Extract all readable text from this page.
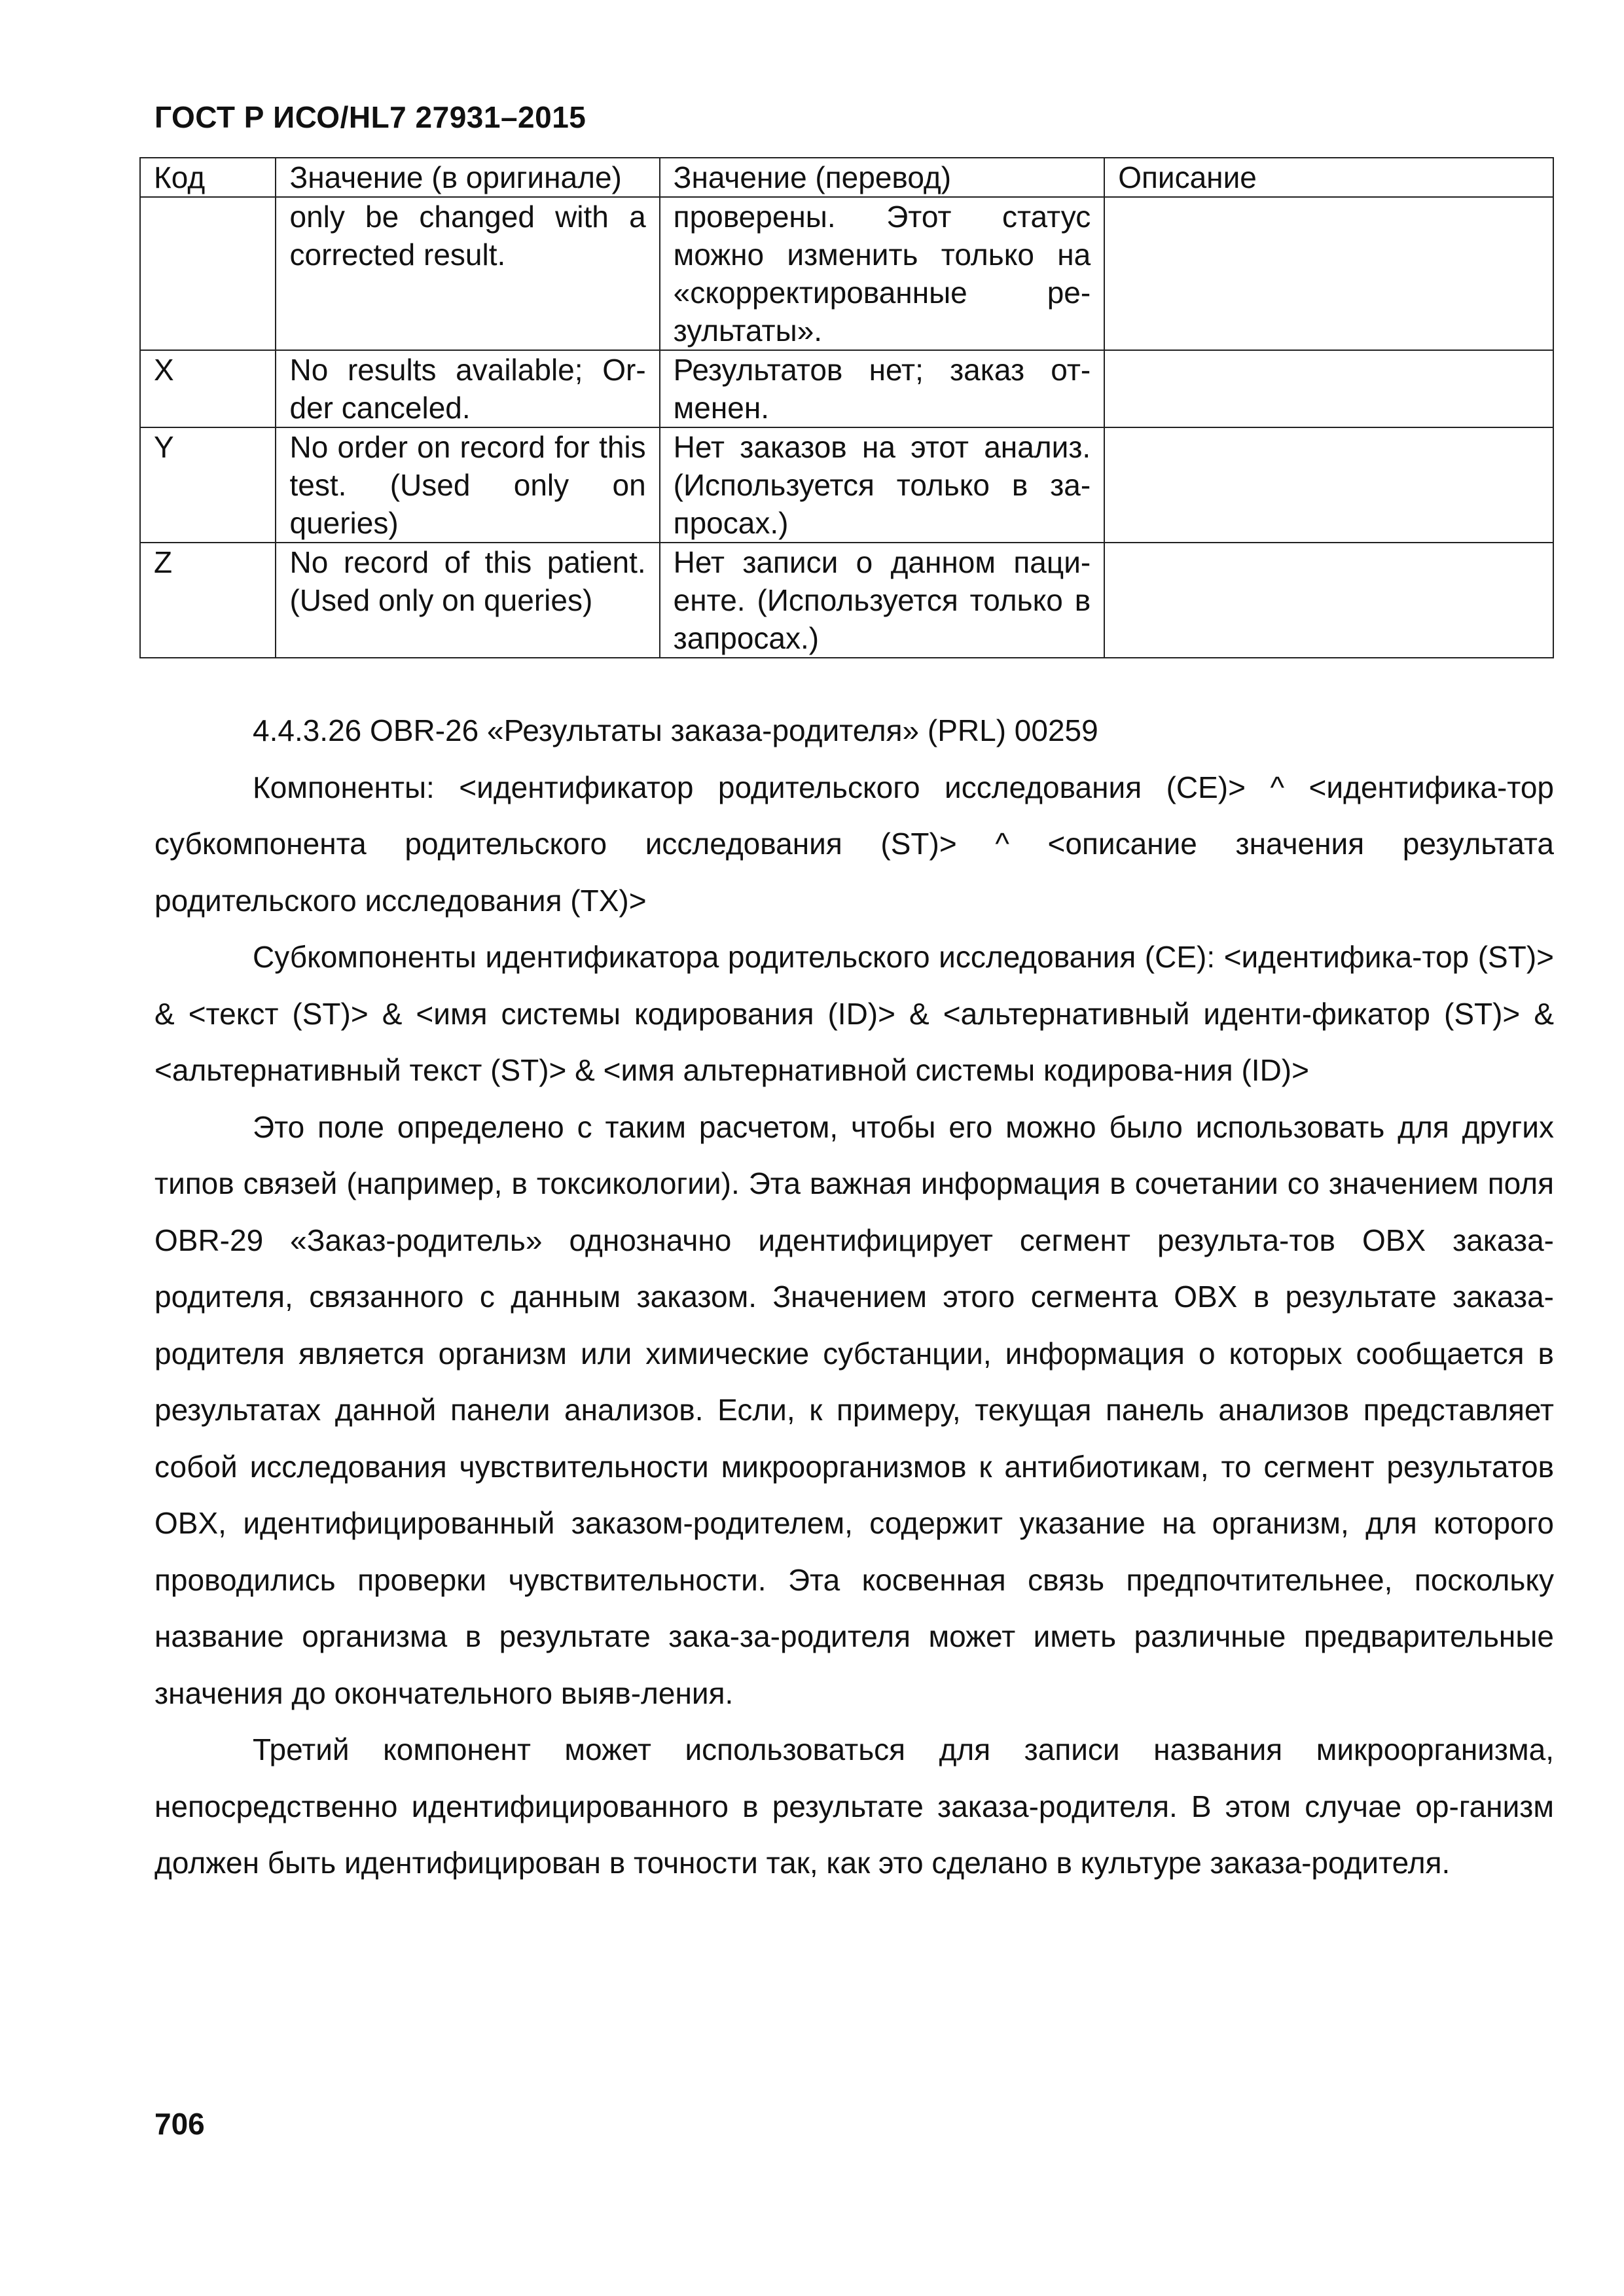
ГОСТ Р ИСО/HL7 27931–2015
Код	Значение (в оригинале)	Значение (перевод)	Описание
	only be changed with a corrected result.	проверены. Этот статус можно изменить только на «скорректированные ре-зультаты».	
X	No results available; Or-der canceled.	Результатов нет; заказ от-менен.	
Y	No order on record for this test. (Used only on queries)	Нет заказов на этот анализ. (Используется только в за-просах.)	
Z	No record of this patient. (Used only on queries)	Нет записи о данном паци-енте. (Используется только в запросах.)	

4.4.3.26 OBR-26 «Результаты заказа-родителя» (PRL) 00259

Компоненты: <идентификатор родительского исследования (CE)> ^ <идентифика-тор субкомпонента родительского исследования (ST)> ^ <описание значения результата родительского исследования (TX)>

Субкомпоненты идентификатора родительского исследования (CE): <идентифика-тор (ST)> & <текст (ST)> & <имя системы кодирования (ID)> & <альтернативный иденти-фикатор (ST)> & <альтернативный текст (ST)> & <имя альтернативной системы кодирова-ния (ID)>

Это поле определено с таким расчетом, чтобы его можно было использовать для других типов связей (например, в токсикологии). Эта важная информация в сочетании со значением поля OBR-29 «Заказ-родитель» однозначно идентифицирует сегмент результа-тов OBX заказа-родителя, связанного с данным заказом. Значением этого сегмента OBX в результате заказа-родителя является организм или химические субстанции, информация о которых сообщается в результатах данной панели анализов. Если, к примеру, текущая панель анализов представляет собой исследования чувствительности микроорганизмов к антибиотикам, то сегмент результатов OBX, идентифицированный заказом-родителем, содержит указание на организм, для которого проводились проверки чувствительности. Эта косвенная связь предпочтительнее, поскольку название организма в результате зака-за-родителя может иметь различные предварительные значения до окончательного выяв-ления.

Третий компонент может использоваться для записи названия микроорганизма, непосредственно идентифицированного в результате заказа-родителя. В этом случае ор-ганизм должен быть идентифицирован в точности так, как это сделано в культуре заказа-родителя.

706
